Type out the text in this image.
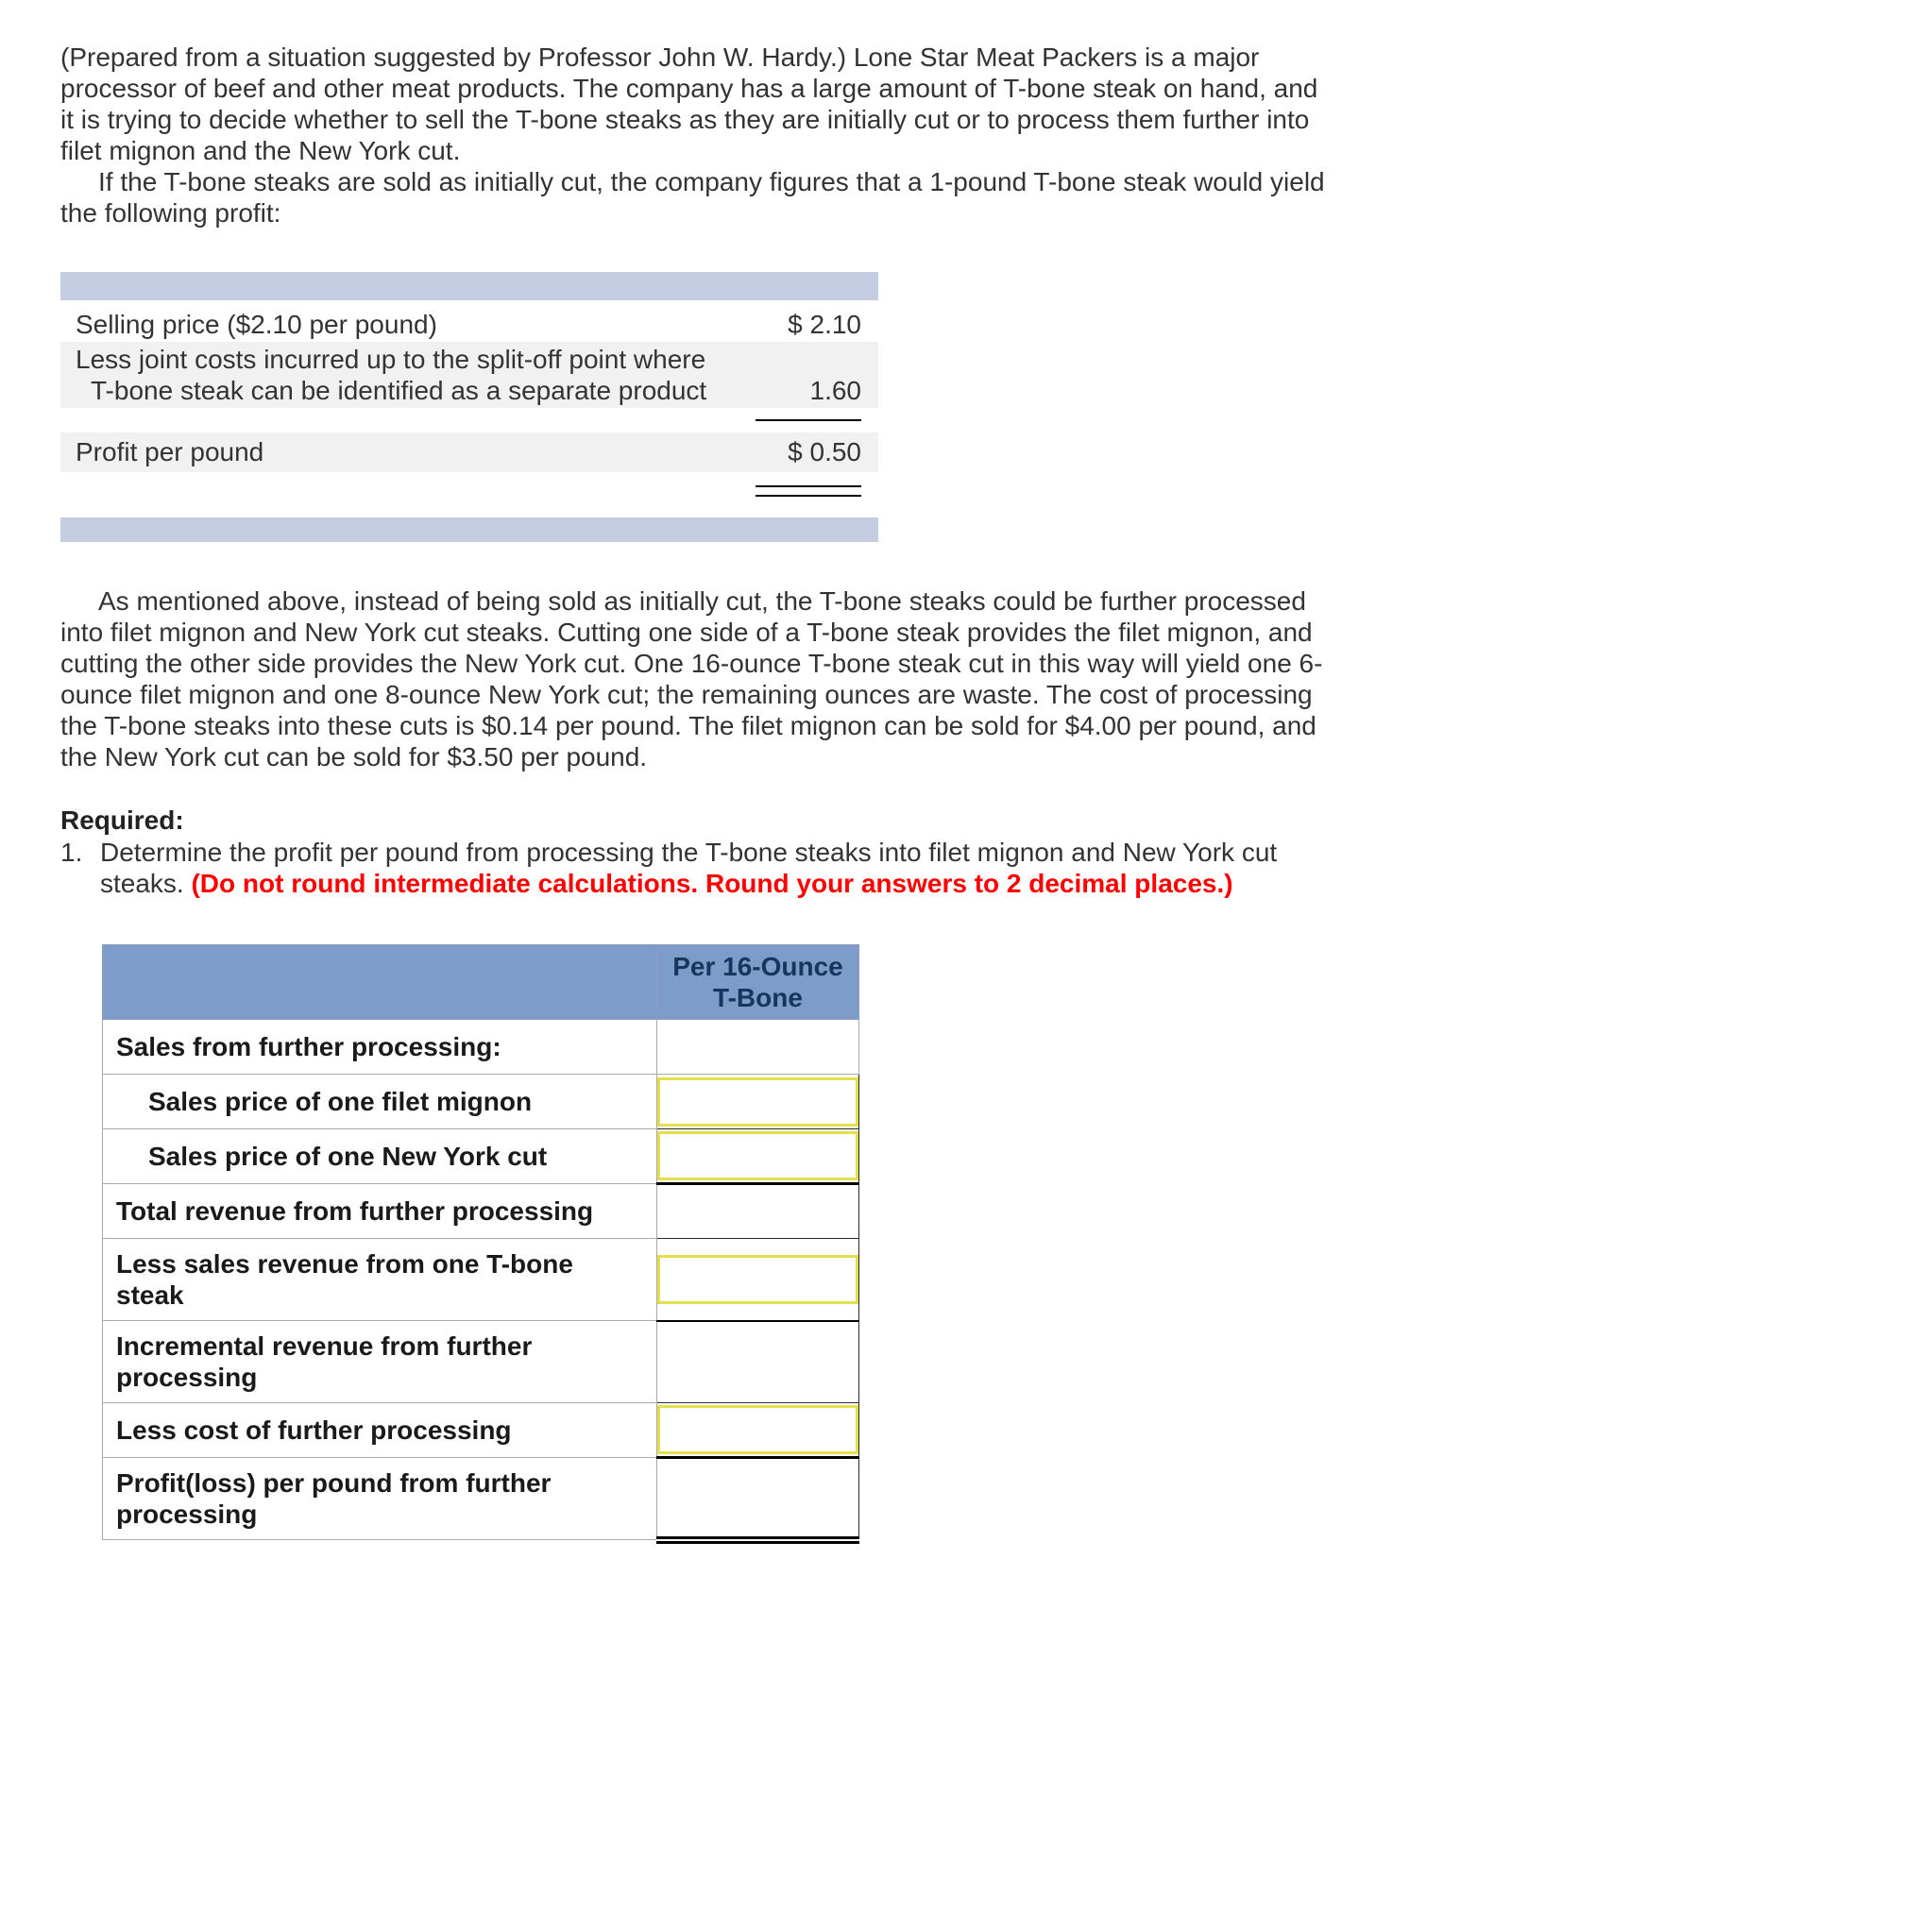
(Prepared from a situation suggested by Professor John W. Hardy.) Lone Star Meat Packers is a major processor of beef and other meat products. The company has a large amount of T-bone steak on hand, and it is trying to decide whether to sell the T-bone steaks as they are initially cut or to process them further into filet mignon and the New York cut.

If the T-bone steaks are sold as initially cut, the company figures that a 1-pound T-bone steak would yield the following profit:

Selling price ($2.10 per pound)	$ 2.10
Less joint costs incurred up to the split-off point where
T-bone steak can be identified as a separate product	1.60
Profit per pound	$ 0.50

As mentioned above, instead of being sold as initially cut, the T-bone steaks could be further processed into filet mignon and New York cut steaks. Cutting one side of a T-bone steak provides the filet mignon, and cutting the other side provides the New York cut. One 16-ounce T-bone steak cut in this way will yield one 6-ounce filet mignon and one 8-ounce New York cut; the remaining ounces are waste. The cost of processing the T-bone steaks into these cuts is $0.14 per pound. The filet mignon can be sold for $4.00 per pound, and the New York cut can be sold for $3.50 per pound.

Required:

1. Determine the profit per pound from processing the T-bone steaks into filet mignon and New York cut steaks. (Do not round intermediate calculations. Round your answers to 2 decimal places.)

	Per 16-Ounce
T-Bone

Sales from further processing:	
Sales price of one filet mignon	

Sales price of one New York cut	

Total revenue from further processing	
Less sales revenue from one T-bone steak	

Incremental revenue from further processing	
Less cost of further processing	

Profit(loss) per pound from further processing	
